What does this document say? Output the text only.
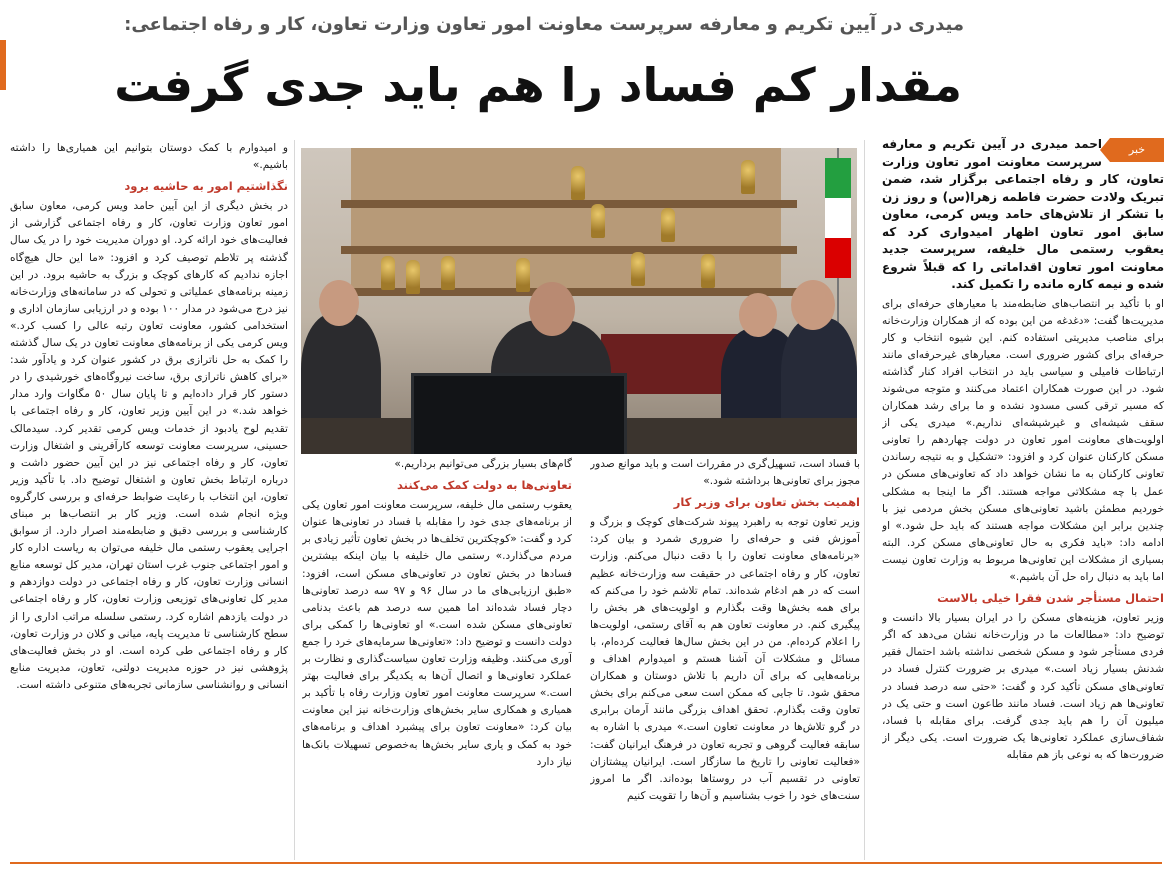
میدری در آیین تکریم و معارفه سرپرست معاونت امور تعاون وزارت تعاون، کار و رفاه اجتماعی:
مقدار کم فساد را هم باید جدی گرفت
خبر

احمد میدری در آیین تکریم و معارفه سرپرست معاونت امور تعاون وزارت تعاون، کار و رفاه اجتماعی برگزار شد، ضمن تبریک ولادت حضرت فاطمه زهرا(س) و روز زن با تشکر از تلاش‌های حامد ویس کرمی، معاون سابق امور تعاون اظهار امیدواری کرد که یعقوب رستمی مال خلیفه، سرپرست جدید معاونت امور تعاون اقداماتی را که قبلاً شروع شده و نیمه کاره مانده را تکمیل کند.

او با تأکید بر انتصاب‌های ضابطه‌مند با معیارهای حرفه‌ای برای مدیریت‌ها گفت: «دغدغه من این بوده که از همکاران وزارت‌خانه برای مناصب مدیریتی استفاده کنم. این شیوه انتخاب و کار حرفه‌ای برای کشور ضروری است. معیارهای غیرحرفه‌ای مانند ارتباطات فامیلی و سیاسی باید در انتخاب افراد کنار گذاشته شود. در این صورت همکاران اعتماد می‌کنند و متوجه می‌شوند که مسیر ترقی کسی مسدود نشده و ما برای رشد همکاران سقف شیشه‌ای و غیرشیشه‌ای نداریم.» میدری یکی از اولویت‌های معاونت امور تعاون در دولت چهاردهم را تعاونی مسکن کارکنان عنوان کرد و افزود: «تشکیل و به نتیجه رساندن تعاونی کارکنان به ما نشان خواهد داد که تعاونی‌های مسکن در عمل با چه مشکلاتی مواجه هستند. اگر ما اینجا به مشکلی خوردیم مطمئن باشید تعاونی‌های مسکن بخش مردمی نیز با چندین برابر این مشکلات مواجه هستند که باید حل شود.» او ادامه داد: «باید فکری به حال تعاونی‌های مسکن کرد. البته بسیاری از مشکلات این تعاونی‌ها مربوط به وزارت تعاون نیست اما باید به دنبال راه حل آن باشیم.»

احتمال مستأجر شدن فقرا خیلی بالاست

وزیر تعاون، هزینه‌های مسکن را در ایران بسیار بالا دانست و توضیح داد: «مطالعات ما در وزارت‌خانه نشان می‌دهد که اگر فردی مستأجر شود و مسکن شخصی نداشته باشد احتمال فقیر شدنش بسیار زیاد است.» میدری بر ضرورت کنترل فساد در تعاونی‌های مسکن تأکید کرد و گفت: «حتی سه درصد فساد در تعاونی‌ها هم زیاد است. فساد مانند طاعون است و حتی یک در میلیون آن را هم باید جدی گرفت. برای مقابله با فساد، شفاف‌سازی عملکرد تعاونی‌ها یک ضرورت است. یکی دیگر از ضرورت‌ها که به نوعی باز هم مقابله

با فساد است، تسهیل‌گری در مقررات است و باید موانع صدور مجوز برای تعاونی‌ها برداشته شود.»

اهمیت بخش تعاون برای وزیر کار

وزیر تعاون توجه به راهبرد پیوند شرکت‌های کوچک و بزرگ و آموزش فنی و حرفه‌ای را ضروری شمرد و بیان کرد: «برنامه‌های معاونت تعاون را با دقت دنبال می‌کنم. وزارت تعاون، کار و رفاه اجتماعی در حقیقت سه وزارت‌خانه عظیم است که در هم ادغام شده‌اند. تمام تلاشم خود را می‌کنم که برای همه بخش‌ها وقت بگذارم و اولویت‌های هر بخش را پیگیری کنم. در معاونت تعاون هم به آقای رستمی، اولویت‌ها را اعلام کرده‌ام. من در این بخش سال‌ها فعالیت کرده‌ام، با مسائل و مشکلات آن آشنا هستم و امیدوارم اهداف و برنامه‌هایی که برای آن داریم با تلاش دوستان و همکاران محقق شود. تا جایی که ممکن است سعی می‌کنم برای بخش تعاون وقت بگذارم. تحقق اهداف بزرگی مانند آرمان برابری در گرو تلاش‌ها در معاونت تعاون است.» میدری با اشاره به سابقه فعالیت گروهی و تجربه تعاون در فرهنگ ایرانیان گفت: «فعالیت تعاونی را تاریخ ما ساز‌گار است. ایرانیان پیشتازان تعاونی در تقسیم آب در روستاها بوده‌اند. اگر ما امروز سنت‌های خود را خوب بشناسیم و آن‌ها را تقویت کنیم

گام‌های بسیار بزرگی می‌توانیم برداریم.»

تعاونی‌ها به دولت کمک می‌کنند

یعقوب رستمی مال خلیفه، سرپرست معاونت امور تعاون یکی از برنامه‌های جدی خود را مقابله با فساد در تعاونی‌ها عنوان کرد و گفت: «کوچکترین تخلف‌ها در بخش تعاون تأثیر زیادی بر مردم می‌گذارد.» رستمی مال خلیفه با بیان اینکه بیشترین فسادها در بخش تعاون در تعاونی‌های مسکن است، افزود: «طبق ارزیابی‌های ما در سال ۹۶ و ۹۷ سه درصد تعاونی‌ها دچار فساد شده‌اند اما همین سه درصد هم باعث بدنامی تعاونی‌های مسکن شده است.» او تعاونی‌ها را کمکی برای دولت دانست و توضیح داد: «تعاونی‌ها سرمایه‌های خرد را جمع آوری می‌کنند. وظیفه وزارت تعاون سیاست‌گذاری و نظارت بر عملکرد تعاونی‌ها و اتصال آن‌ها به یکدیگر برای فعالیت بهتر است.» سرپرست معاونت امور تعاون وزارت رفاه با تأکید بر همیاری و همکاری سایر بخش‌های وزارت‌خانه نیز این معاونت بیان کرد: «معاونت تعاون برای پیشبرد اهداف و برنامه‌های خود به کمک و یاری سایر بخش‌ها به‌خصوص تسهیلات بانک‌ها نیاز دارد

و امیدوارم با کمک دوستان بتوانیم این همیاری‌ها را داشته باشیم.»

نگذاشتیم امور به حاشیه برود

در بخش دیگری از این آیین حامد ویس کرمی، معاون سابق امور تعاون وزارت تعاون، کار و رفاه اجتماعی گزارشی از فعالیت‌های خود ارائه کرد. او دوران مدیریت خود را در یک سال گذشته پر تلاطم توصیف کرد و افزود: «ما این حال هیچ‌گاه اجازه ندادیم که کارهای کوچک و بزرگ به حاشیه برود. در این زمینه برنامه‌های عملیاتی و تحولی که در سامانه‌های وزارت‌خانه نیز درج می‌شود در مدار ۱۰۰ بوده و در ارزیابی سازمان اداری و استخدامی کشور، معاونت تعاون رتبه عالی را کسب کرد.» ویس کرمی یکی از برنامه‌های معاونت تعاون در یک سال گذشته را کمک به حل ناترازی برق در کشور عنوان کرد و یادآور شد: «برای کاهش ناترازی برق، ساخت نیروگاه‌های خورشیدی را در دستور کار قرار داده‌ایم و تا پایان سال ۵۰ مگاوات وارد مدار خواهد شد.» در این آیین وزیر تعاون، کار و رفاه اجتماعی با تقدیم لوح یادبود از خدمات ویس کرمی تقدیر کرد. سیدمالک حسینی، سرپرست معاونت توسعه کارآفرینی و اشتغال وزارت تعاون، کار و رفاه اجتماعی نیز در این آیین حضور داشت و درباره ارتباط بخش تعاون و اشتغال توضیح داد. با تأکید وزیر تعاون، این انتخاب با رعایت ضوابط حرفه‌ای و بررسی کارگروه ویژه انجام شده است. وزیر کار بر انتصاب‌ها بر مبنای کارشناسی و بررسی دقیق و ضابطه‌مند اصرار دارد. از سوابق اجرایی یعقوب رستمی مال خلیفه می‌توان به ریاست اداره کار و امور اجتماعی جنوب غرب استان تهران، مدیر کل توسعه منابع انسانی وزارت تعاون، کار و رفاه اجتماعی در دولت دوازدهم و مدیر کل تعاونی‌های توزیعی وزارت تعاون، کار و رفاه اجتماعی در دولت یازدهم اشاره کرد. رستمی سلسله مراتب اداری را از سطح کارشناسی تا مدیریت پایه، میانی و کلان در وزارت تعاون، کار و رفاه اجتماعی طی کرده است. او در بخش فعالیت‌های پژوهشی نیز در حوزه مدیریت دولتی، تعاون، مدیریت منابع انسانی و روانشناسی سازمانی تجربه‌های متنوعی داشته است.
